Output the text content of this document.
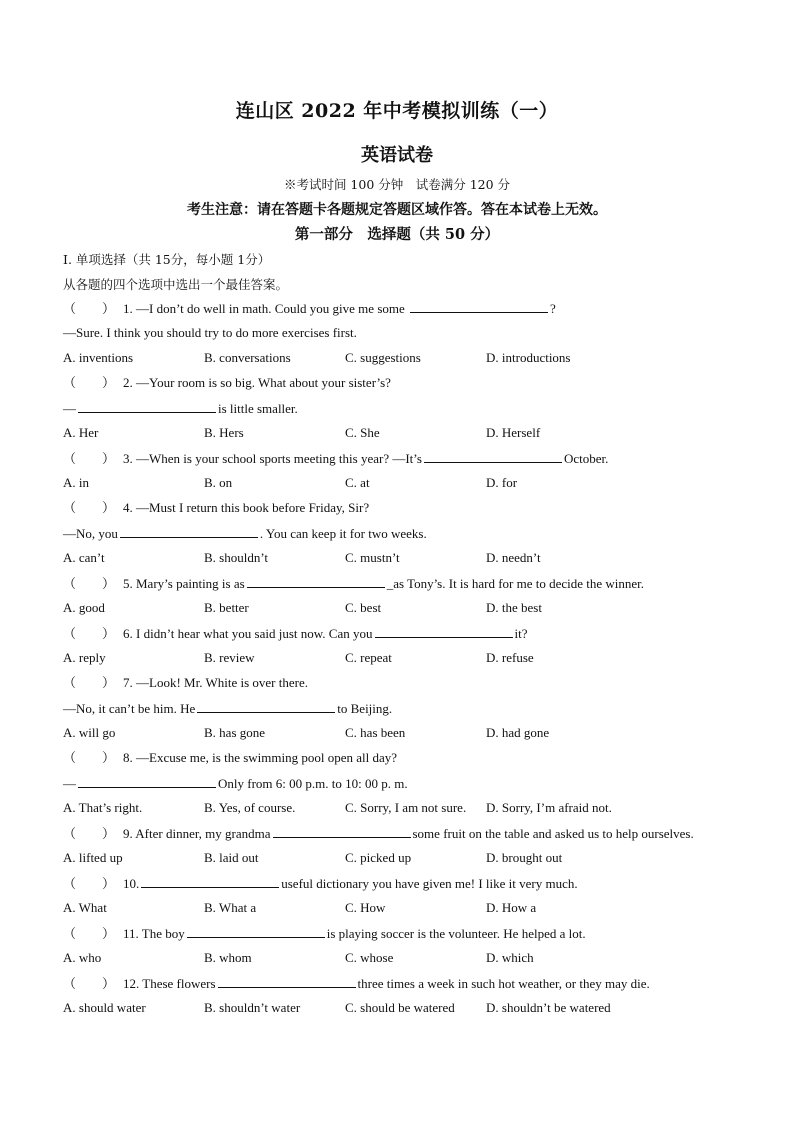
连山区 2022 年中考模拟训练（一）
英语试卷
※考试时间 100 分钟　试卷满分 120 分
考生注意：请在答题卡各题规定答题区域作答。答在本试卷上无效。
第一部分　选择题（共 50 分）
I. 单项选择（共 15分，每小题 1分）
从各题的四个选项中选出一个最佳答案。
（　　） 1. —I don’t do well in math. Could you give me some	?
—Sure. I think you should try to do more exercises first.
A. inventions	B. conversations	C. suggestions	D. introductions
（　　） 2. —Your room is so big. What about your sister’s?
—	is little smaller.
A. Her	B. Hers	C. She	D. Herself
（　　） 3. —When is your school sports meeting this year? —It’s	October.
A. in	B. on	C. at	D. for
（　　） 4. —Must I return this book before Friday, Sir?
—No, you	. You can keep it for two weeks.
A. can’t	B. shouldn’t	C. mustn’t	D. needn’t
（　　） 5. Mary’s painting is as	_as Tony’s. It is hard for me to decide the winner.
A. good	B. better	C. best	D. the best
（　　） 6. I didn’t hear what you said just now. Can you	it?
A. reply	B. review	C. repeat	D. refuse
（　　） 7. —Look! Mr. White is over there.
—No, it can’t be him. He	to Beijing.
A. will go	B. has gone	C. has been	D. had gone
（　　） 8. —Excuse me, is the swimming pool open all day?
—	Only from 6: 00 p.m. to 10: 00 p. m.
A. That’s right.	B. Yes, of course.	C. Sorry, I am not sure. D. Sorry, I’m afraid not.
（　　） 9. After dinner, my grandma	some fruit on the table and asked us to help ourselves.
A. lifted up	B. laid out	C. picked up	D. brought out
（　　） 10.	useful dictionary you have given me! I like it very much.
A. What	B. What a	C. How	D. How a
（　　） 11. The boy	is playing soccer is the volunteer. He helped a lot.
A. who	B. whom	C. whose	D. which
（　　） 12. These flowers	three times a week in such hot weather, or they may die.
A. should water	B. shouldn’t water	C. should be watered D. shouldn’t be watered
